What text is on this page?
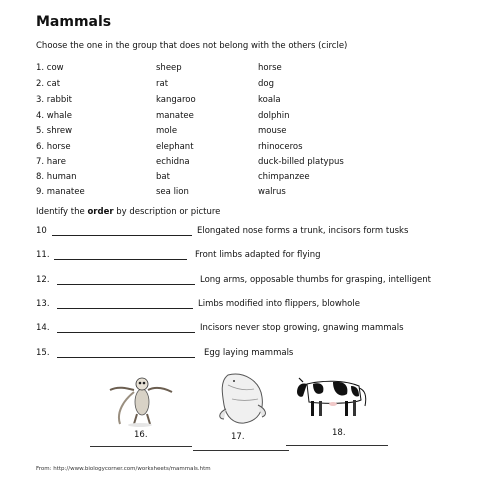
Mammals
Choose the one in the group that does not belong with the others (circle)
1. cow	sheep	horse
2. cat	rat	dog
3. rabbit	kangaroo	koala
4. whale	manatee	dolphin
5. shrew	mole	mouse
6. horse	elephant	rhinoceros
7. hare	echidna	duck-billed platypus
8. human	bat	chimpanzee
9. manatee	sea lion	walrus
Identify the order by description or picture
10	Elongated nose forms a trunk, incisors form tusks
11.	Front limbs adapted for flying
12.	Long arms, opposable thumbs for grasping, intelligent
13.	Limbs modified into flippers, blowhole
14.	Incisors never stop growing, gnawing mammals
15.	Egg laying mammals
16.	17.	18.
From: http://www.biologycorner.com/worksheets/mammals.htm
